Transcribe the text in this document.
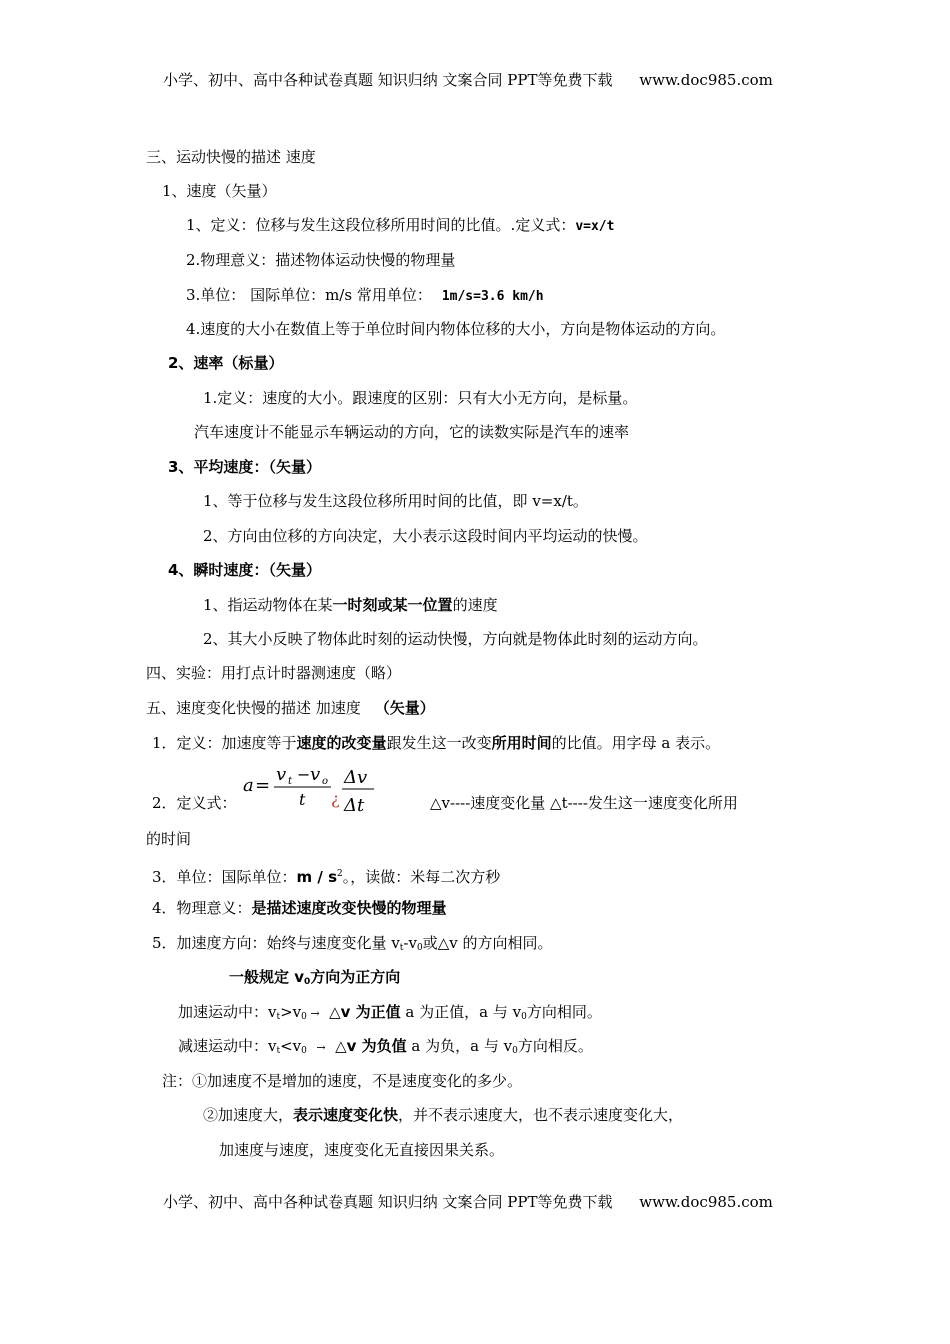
小学、初中、高中各种试卷真题 知识归纳 文案合同 PPT等免费下载 www.doc985.com
三、运动快慢的描述 速度
1、速度（矢量）
1、定义：位移与发生这段位移所用时间的比值。.定义式：v=x/t
2.物理意义：描述物体运动快慢的物理量
3.单位： 国际单位：m/s 常用单位： 1m/s=3.6 km/h
4.速度的大小在数值上等于单位时间内物体位移的大小，方向是物体运动的方向。
2、速率（标量）
1.定义：速度的大小。跟速度的区别：只有大小无方向，是标量。
汽车速度计不能显示车辆运动的方向，它的读数实际是汽车的速率
3、平均速度：（矢量）
1、等于位移与发生这段位移所用时间的比值，即 v=x/t。
2、方向由位移的方向决定，大小表示这段时间内平均运动的快慢。
4、瞬时速度：（矢量）
1、指运动物体在某一时刻或某一位置的速度
2、其大小反映了物体此时刻的运动快慢，方向就是物体此时刻的运动方向。
四、实验：用打点计时器测速度（略）
五、速度变化快慢的描述 加速度 （矢量）
1．定义：加速度等于速度的改变量跟发生这一改变所用时间的比值。用字母 a 表示。
2．定义式：
a =
v t − v o
t ¿
Δv
Δt	△v----速度变化量 △t----发生这一速度变化所用
的时间
3．单位：国际单位：m / $s^2$。，读做：米每二次方秒
4．物理意义：是描述速度改变快慢的物理量
5．加速度方向：始终与速度变化量 $v_t-v_0$或△v 的方向相同。
一般规定 $v_0$方向为正方向
加速运动中：$v_t>v_0$ → △v 为正值 a 为正值，a 与 $v_0$方向相同。
减速运动中：$v_t<v_0$ → △v 为负值 a 为负，a 与 $v_0$方向相反。
注：①加速度不是增加的速度，不是速度变化的多少。
②加速度大，表示速度变化快，并不表示速度大，也不表示速度变化大，
加速度与速度，速度变化无直接因果关系。
小学、初中、高中各种试卷真题 知识归纳 文案合同 PPT等免费下载 www.doc985.com
